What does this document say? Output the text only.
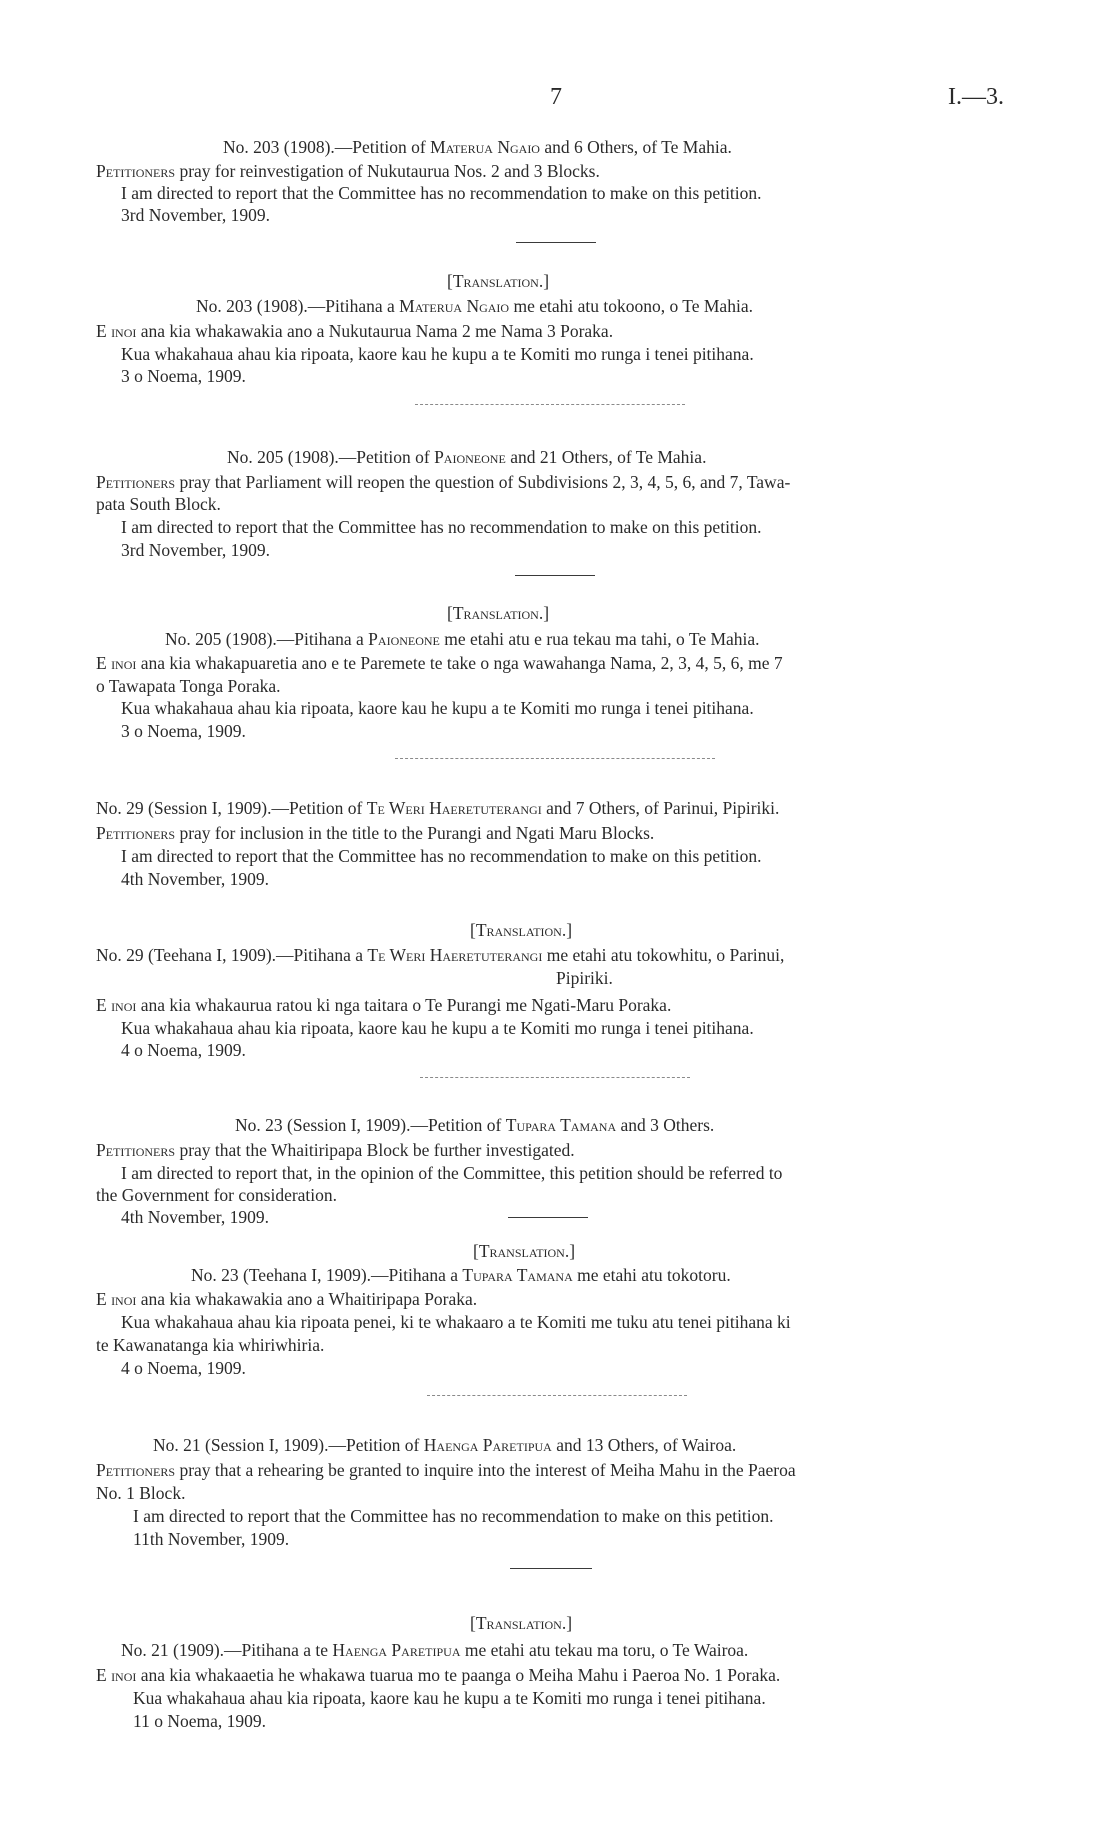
7	I.—3.
No. 203 (1908).—Petition of Materua Ngaio and 6 Others, of Te Mahia.
Petitioners pray for reinvestigation of Nukutaurua Nos. 2 and 3 Blocks.
I am directed to report that the Committee has no recommendation to make on this petition.
3rd November, 1909.
[Translation.]
No. 203 (1908).—Pitihana a Materua Ngaio me etahi atu tokoono, o Te Mahia.
E inoi ana kia whakawakia ano a Nukutaurua Nama 2 me Nama 3 Poraka.
Kua whakahaua ahau kia ripoata, kaore kau he kupu a te Komiti mo runga i tenei pitihana.
3 o Noema, 1909.
No. 205 (1908).—Petition of Paioneone and 21 Others, of Te Mahia.
Petitioners pray that Parliament will reopen the question of Subdivisions 2, 3, 4, 5, 6, and 7, Tawa-
pata South Block.
I am directed to report that the Committee has no recommendation to make on this petition.
3rd November, 1909.
[Translation.]
No. 205 (1908).—Pitihana a Paioneone me etahi atu e rua tekau ma tahi, o Te Mahia.
E inoi ana kia whakapuaretia ano e te Paremete te take o nga wawahanga Nama, 2, 3, 4, 5, 6, me 7
o Tawapata Tonga Poraka.
Kua whakahaua ahau kia ripoata, kaore kau he kupu a te Komiti mo runga i tenei pitihana.
3 o Noema, 1909.
No. 29 (Session I, 1909).—Petition of Te Weri Haeretuterangi and 7 Others, of Parinui, Pipiriki.
Petitioners pray for inclusion in the title to the Purangi and Ngati Maru Blocks.
I am directed to report that the Committee has no recommendation to make on this petition.
4th November, 1909.
[Translation.]
No. 29 (Teehana I, 1909).—Pitihana a Te Weri Haeretuterangi me etahi atu tokowhitu, o Parinui,
Pipiriki.
E inoi ana kia whakaurua ratou ki nga taitara o Te Purangi me Ngati-Maru Poraka.
Kua whakahaua ahau kia ripoata, kaore kau he kupu a te Komiti mo runga i tenei pitihana.
4 o Noema, 1909.
No. 23 (Session I, 1909).—Petition of Tupara Tamana and 3 Others.
Petitioners pray that the Whaitiripapa Block be further investigated.
I am directed to report that, in the opinion of the Committee, this petition should be referred to
the Government for consideration.
4th November, 1909.
[Translation.]
No. 23 (Teehana I, 1909).—Pitihana a Tupara Tamana me etahi atu tokotoru.
E inoi ana kia whakawakia ano a Whaitiripapa Poraka.
Kua whakahaua ahau kia ripoata penei, ki te whakaaro a te Komiti me tuku atu tenei pitihana ki
te Kawanatanga kia whiriwhiria.
4 o Noema, 1909.
No. 21 (Session I, 1909).—Petition of Haenga Paretipua and 13 Others, of Wairoa.
Petitioners pray that a rehearing be granted to inquire into the interest of Meiha Mahu in the Paeroa
No. 1 Block.
I am directed to report that the Committee has no recommendation to make on this petition.
11th November, 1909.
[Translation.]
No. 21 (1909).—Pitihana a te Haenga Paretipua me etahi atu tekau ma toru, o Te Wairoa.
E inoi ana kia whakaaetia he whakawa tuarua mo te paanga o Meiha Mahu i Paeroa No. 1 Poraka.
Kua whakahaua ahau kia ripoata, kaore kau he kupu a te Komiti mo runga i tenei pitihana.
11 o Noema, 1909.
